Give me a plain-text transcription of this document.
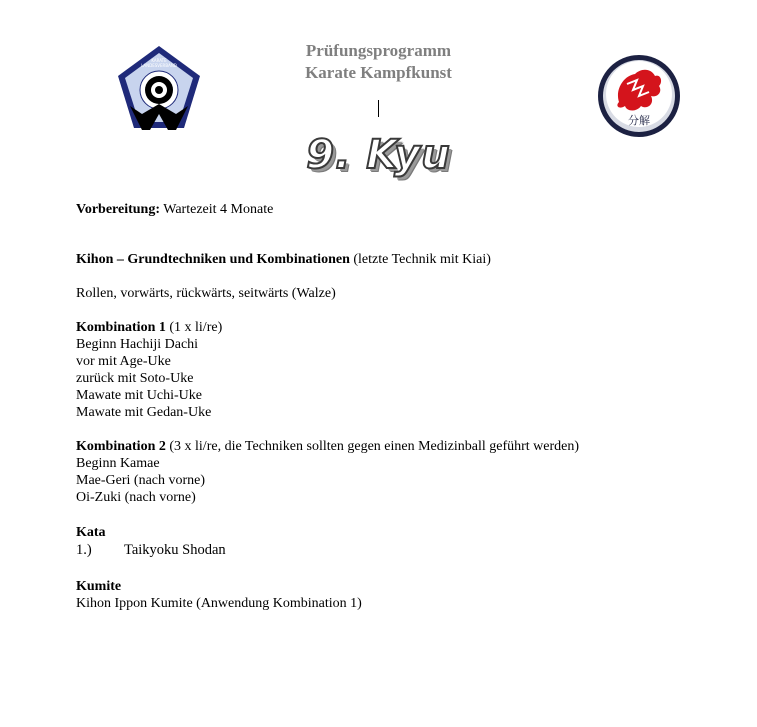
KARATE
LANDESVERBAND
分解
Prüfungsprogramm
Karate Kampfkunst
9. Kyu
Vorbereitung: Wartezeit 4 Monate
Kihon – Grundtechniken und Kombinationen (letzte Technik mit Kiai)
Rollen, vorwärts, rückwärts, seitwärts (Walze)
Kombination 1 (1 x li/re)
Beginn Hachiji Dachi
vor mit Age-Uke
zurück mit Soto-Uke
Mawate mit Uchi-Uke
Mawate mit Gedan-Uke
Kombination 2 (3 x li/re, die Techniken sollten gegen einen Medizinball geführt werden)
Beginn Kamae
Mae-Geri (nach vorne)
Oi-Zuki (nach vorne)
Kata
1.) Taikyoku Shodan
Kumite
Kihon Ippon Kumite (Anwendung Kombination 1)
